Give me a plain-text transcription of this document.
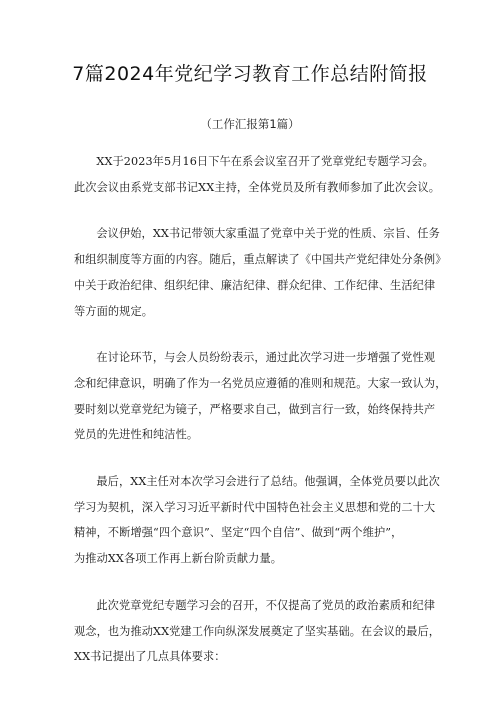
7篇2024年党纪学习教育工作总结附简报
（工作汇报第1篇）

XX于2023年5月16日下午在系会议室召开了党章党纪专题学习会。
此次会议由系党支部书记XX主持，全体党员及所有教师参加了此次会议。

会议伊始，XX书记带领大家重温了党章中关于党的性质、宗旨、任务
和组织制度等方面的内容。随后，重点解读了《中国共产党纪律处分条例》
中关于政治纪律、组织纪律、廉洁纪律、群众纪律、工作纪律、生活纪律
等方面的规定。

在讨论环节，与会人员纷纷表示，通过此次学习进一步增强了党性观
念和纪律意识，明确了作为一名党员应遵循的准则和规范。大家一致认为，
要时刻以党章党纪为镜子，严格要求自己，做到言行一致，始终保持共产
党员的先进性和纯洁性。

最后，XX主任对本次学习会进行了总结。他强调，全体党员要以此次
学习为契机，深入学习习近平新时代中国特色社会主义思想和党的二十大
精神，不断增强“四个意识”、坚定“四个自信”、做到“两个维护”，
为推动XX各项工作再上新台阶贡献力量。

此次党章党纪专题学习会的召开，不仅提高了党员的政治素质和纪律
观念，也为推动XX党建工作向纵深发展奠定了坚实基础。在会议的最后，
XX书记提出了几点具体要求：
